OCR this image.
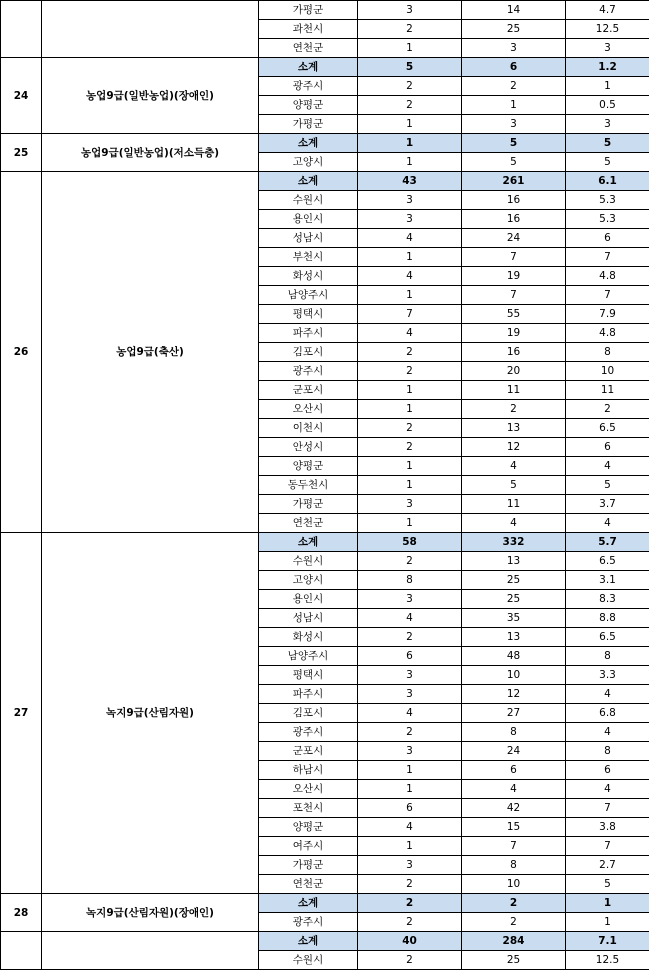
		가평군	3	14	4.7
		과천시	2	25	12.5
		연천군	1	3	3
24	농업9급(일반농업)(장애인)	소계	5	6	1.2
		광주시	2	2	1
		양평군	2	1	0.5
		가평군	1	3	3
25	농업9급(일반농업)(저소득층)	소계	1	5	5
		고양시	1	5	5
26	농업9급(축산)	소계	43	261	6.1
		수원시	3	16	5.3
		용인시	3	16	5.3
		성남시	4	24	6
		부천시	1	7	7
		화성시	4	19	4.8
		남양주시	1	7	7
		평택시	7	55	7.9
		파주시	4	19	4.8
		김포시	2	16	8
		광주시	2	20	10
		군포시	1	11	11
		오산시	1	2	2
		이천시	2	13	6.5
		안성시	2	12	6
		양평군	1	4	4
		동두천시	1	5	5
		가평군	3	11	3.7
		연천군	1	4	4
27	녹지9급(산림자원)	소계	58	332	5.7
		수원시	2	13	6.5
		고양시	8	25	3.1
		용인시	3	25	8.3
		성남시	4	35	8.8
		화성시	2	13	6.5
		남양주시	6	48	8
		평택시	3	10	3.3
		파주시	3	12	4
		김포시	4	27	6.8
		광주시	2	8	4
		군포시	3	24	8
		하남시	1	6	6
		오산시	1	4	4
		포천시	6	42	7
		양평군	4	15	3.8
		여주시	1	7	7
		가평군	3	8	2.7
		연천군	2	10	5
28	녹지9급(산림자원)(장애인)	소계	2	2	1
		광주시	2	2	1
		소계	40	284	7.1
		수원시	2	25	12.5
